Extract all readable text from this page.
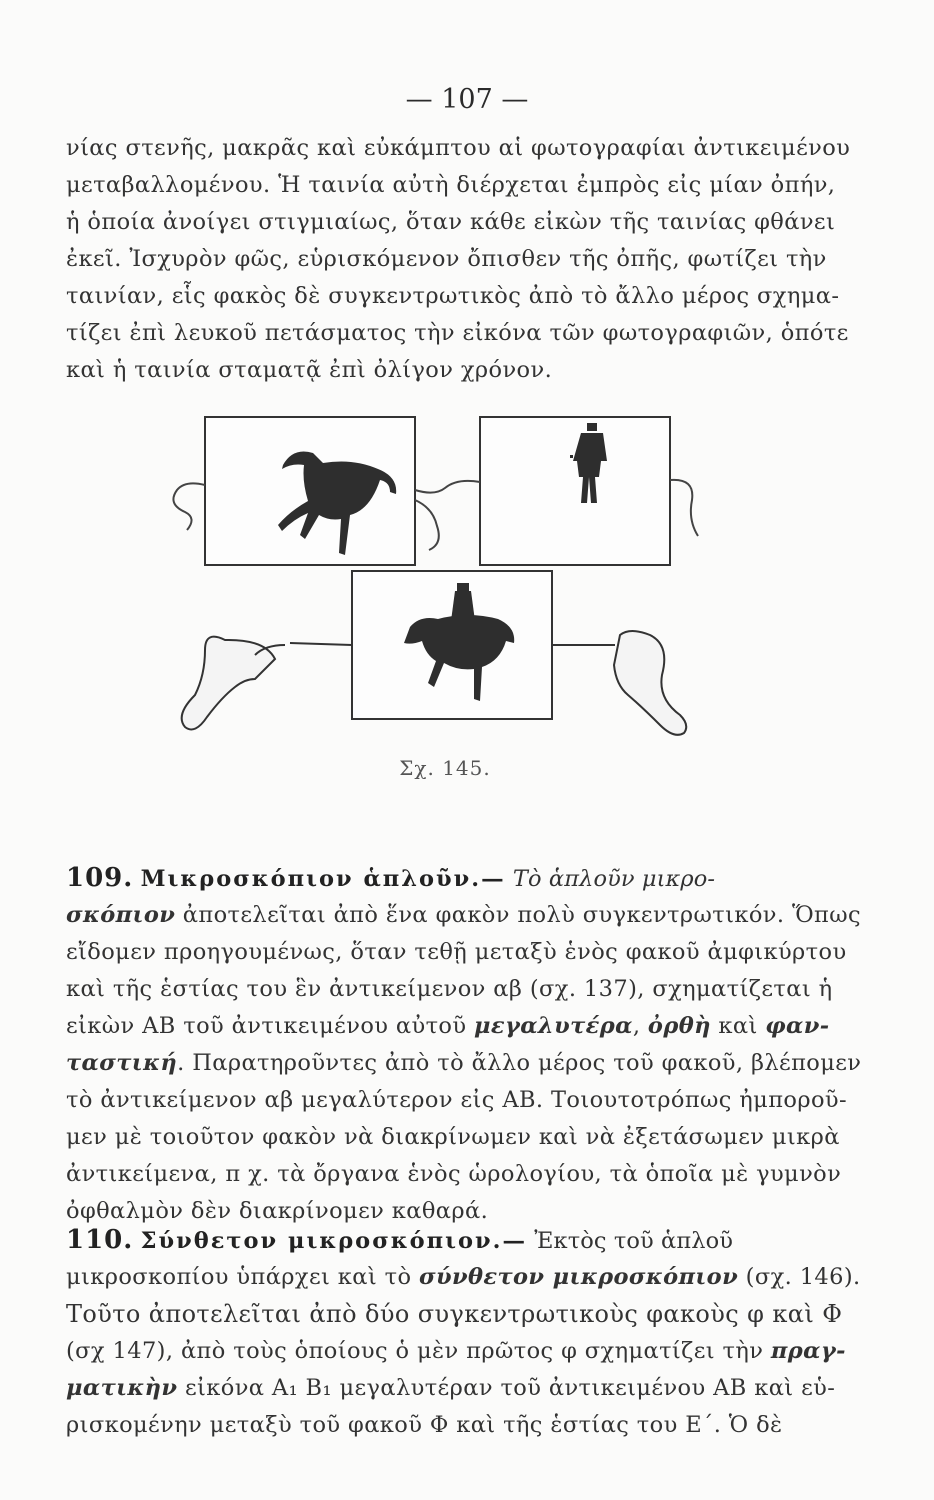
— 107 —
νίας στενῆς, μακρᾶς καὶ εὐκάμπτου αἱ φωτογραφίαι ἀντικειμένου
μεταβαλλομένου. Ἡ ταινία αὐτὴ διέρχεται ἐμπρὸς εἰς μίαν ὀπήν,
ἡ ὁποία ἀνοίγει στιγμιαίως, ὅταν κάθε εἰκὼν τῆς ταινίας φθάνει
ἐκεῖ. Ἰσχυρὸν φῶς, εὑρισκόμενον ὄπισθεν τῆς ὀπῆς, φωτίζει τὴν
ταινίαν, εἷς φακὸς δὲ συγκεντρωτικὸς ἀπὸ τὸ ἄλλο μέρος σχημα-
τίζει ἐπὶ λευκοῦ πετάσματος τὴν εἰκόνα τῶν φωτογραφιῶν, ὁπότε
καὶ ἡ ταινία σταματᾷ ἐπὶ ὀλίγον χρόνον.
Σχ. 145.
109. Μικροσκόπιον ἁπλοῦν.— Τὸ ἁπλοῦν μικρο-
σκόπιον ἀποτελεῖται ἀπὸ ἕνα φακὸν πολὺ συγκεντρωτικόν. Ὅπως
εἴδομεν προηγουμένως, ὅταν τεθῇ μεταξὺ ἑνὸς φακοῦ ἀμφικύρτου
καὶ τῆς ἑστίας του ἓν ἀντικείμενον αβ (σχ. 137), σχηματίζεται ἡ
εἰκὼν ΑΒ τοῦ ἀντικειμένου αὐτοῦ μεγαλυτέρα, ὀρθὴ καὶ φαν-
ταστική. Παρατηροῦντες ἀπὸ τὸ ἄλλο μέρος τοῦ φακοῦ, βλέπομεν
τὸ ἀντικείμενον αβ μεγαλύτερον εἰς ΑΒ. Τοιουτοτρόπως ἠμποροῦ-
μεν μὲ τοιοῦτον φακὸν νὰ διακρίνωμεν καὶ νὰ ἐξετάσωμεν μικρὰ
ἀντικείμενα, π χ. τὰ ὄργανα ἑνὸς ὡρολογίου, τὰ ὁποῖα μὲ γυμνὸν
ὀφθαλμὸν δὲν διακρίνομεν καθαρά.
110. Σύνθετον μικροσκόπιον.— Ἐκτὸς τοῦ ἁπλοῦ
μικροσκοπίου ὑπάρχει καὶ τὸ σύνθετον μικροσκόπιον (σχ. 146).
Τοῦτο ἀποτελεῖται ἀπὸ δύο συγκεντρωτικοὺς φακοὺς φ καὶ Φ
(σχ 147), ἀπὸ τοὺς ὁποίους ὁ μὲν πρῶτος φ σχηματίζει τὴν πραγ-
ματικὴν εἰκόνα Α₁ Β₁ μεγαλυτέραν τοῦ ἀντικειμένου ΑΒ καὶ εὑ-
ρισκομένην μεταξὺ τοῦ φακοῦ Φ καὶ τῆς ἑστίας του Ε΄. Ὁ δὲ
